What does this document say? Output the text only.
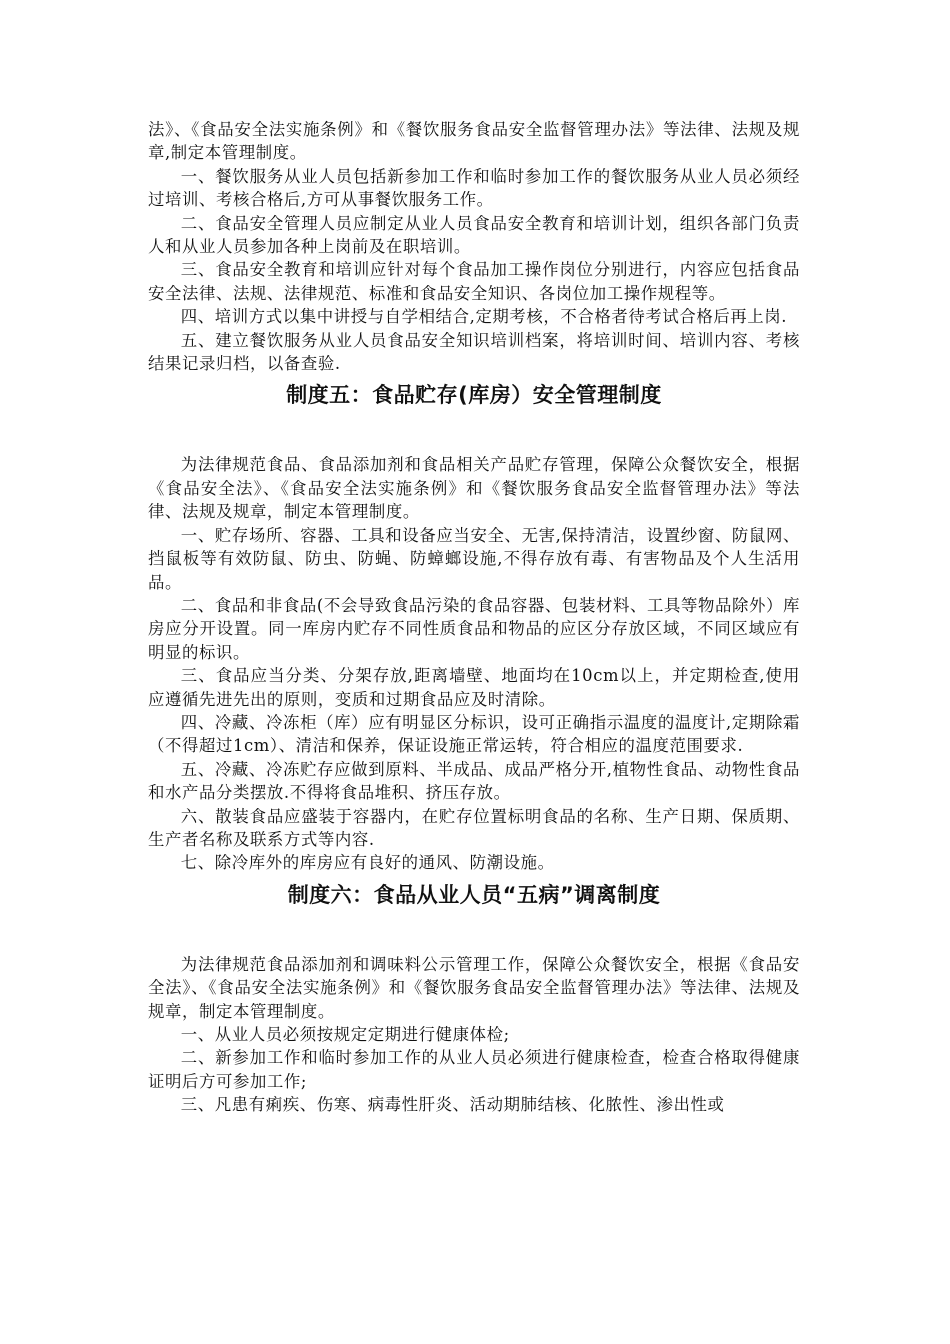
法》、《食品安全法实施条例》和《餐饮服务食品安全监督管理办法》等法律、法规及规章,制定本管理制度。

一、餐饮服务从业人员包括新参加工作和临时参加工作的餐饮服务从业人员必须经过培训、考核合格后,方可从事餐饮服务工作。

二、食品安全管理人员应制定从业人员食品安全教育和培训计划，组织各部门负责人和从业人员参加各种上岗前及在职培训。

三、食品安全教育和培训应针对每个食品加工操作岗位分别进行，内容应包括食品安全法律、法规、法律规范、标准和食品安全知识、各岗位加工操作规程等。

四、培训方式以集中讲授与自学相结合,定期考核，不合格者待考试合格后再上岗.

五、建立餐饮服务从业人员食品安全知识培训档案，将培训时间、培训内容、考核结果记录归档，以备查验.

制度五：食品贮存(库房）安全管理制度

为法律规范食品、食品添加剂和食品相关产品贮存管理，保障公众餐饮安全，根据《食品安全法》、《食品安全法实施条例》和《餐饮服务食品安全监督管理办法》等法律、法规及规章，制定本管理制度。

一、贮存场所、容器、工具和设备应当安全、无害,保持清洁，设置纱窗、防鼠网、挡鼠板等有效防鼠、防虫、防蝇、防蟑螂设施,不得存放有毒、有害物品及个人生活用品。

二、食品和非食品(不会导致食品污染的食品容器、包装材料、工具等物品除外）库房应分开设置。同一库房内贮存不同性质食品和物品的应区分存放区域，不同区域应有明显的标识。

三、食品应当分类、分架存放,距离墙壁、地面均在10cm以上，并定期检查,使用应遵循先进先出的原则，变质和过期食品应及时清除。

四、冷藏、冷冻柜（库）应有明显区分标识，设可正确指示温度的温度计,定期除霜（不得超过1cm）、清洁和保养，保证设施正常运转，符合相应的温度范围要求.

五、冷藏、冷冻贮存应做到原料、半成品、成品严格分开,植物性食品、动物性食品和水产品分类摆放.不得将食品堆积、挤压存放。

六、散装食品应盛装于容器内，在贮存位置标明食品的名称、生产日期、保质期、生产者名称及联系方式等内容.

七、除冷库外的库房应有良好的通风、防潮设施。

制度六：食品从业人员“五病”调离制度

为法律规范食品添加剂和调味料公示管理工作，保障公众餐饮安全，根据《食品安全法》、《食品安全法实施条例》和《餐饮服务食品安全监督管理办法》等法律、法规及规章，制定本管理制度。

一、从业人员必须按规定定期进行健康体检;

二、新参加工作和临时参加工作的从业人员必须进行健康检查，检查合格取得健康证明后方可参加工作;

三、凡患有痢疾、伤寒、病毒性肝炎、活动期肺结核、化脓性、渗出性或
